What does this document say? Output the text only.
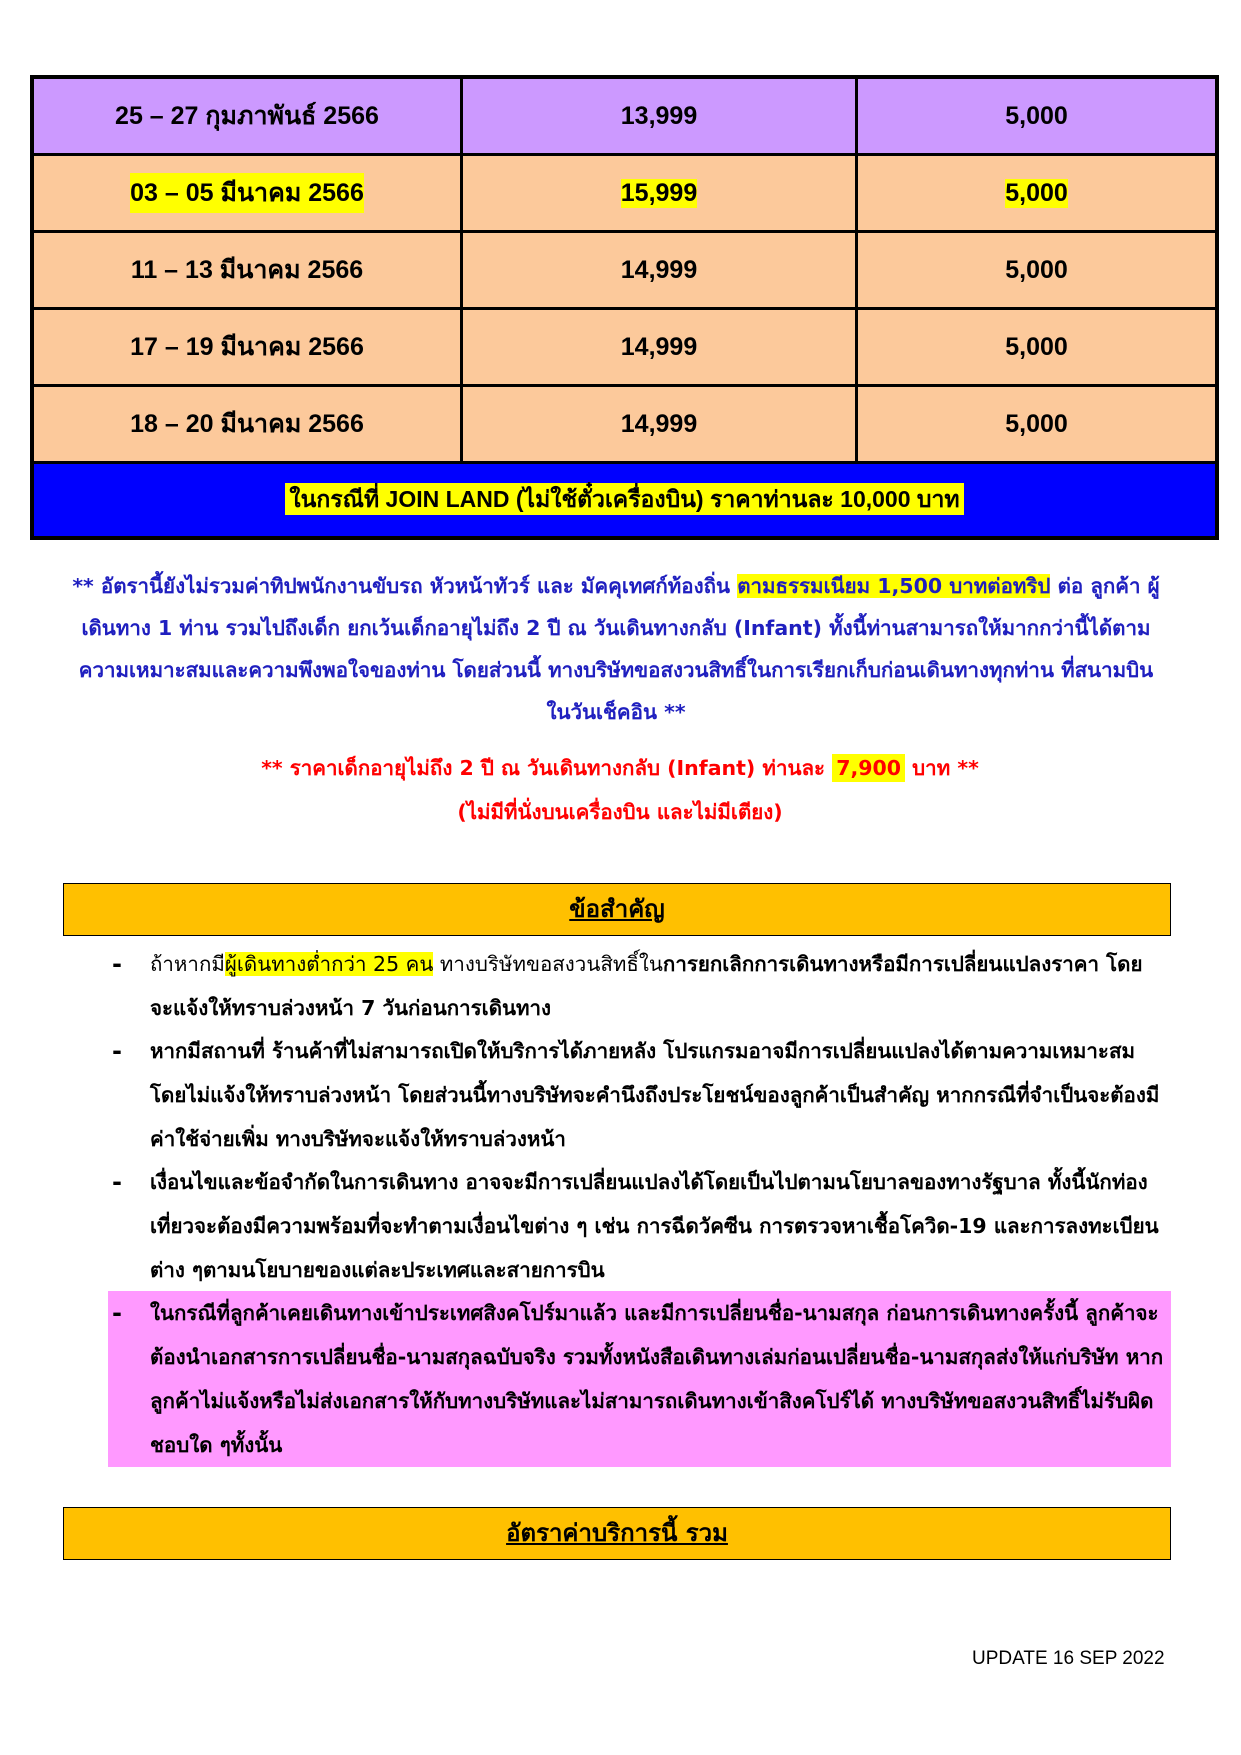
25 – 27 กุมภาพันธ์ 2566	13,999	5,000
03 – 05 มีนาคม 2566	15,999	5,000
11 – 13 มีนาคม 2566	14,999	5,000
17 – 19 มีนาคม 2566	14,999	5,000
18 – 20 มีนาคม 2566	14,999	5,000
ในกรณีที่ JOIN LAND (ไม่ใช้ตั๋วเครื่องบิน) ราคาท่านละ 10,000 บาท		
** อัตรานี้ยังไม่รวมค่าทิปพนักงานขับรถ หัวหน้าทัวร์ และ มัคคุเทศก์ท้องถิ่น ตามธรรมเนียม 1,500 บาทต่อทริป ต่อ ลูกค้า ผู้เดินทาง 1 ท่าน รวมไปถึงเด็ก ยกเว้นเด็กอายุไม่ถึง 2 ปี ณ วันเดินทางกลับ (Infant) ทั้งนี้ท่านสามารถให้มากกว่านี้ได้ตามความเหมาะสมและความพึงพอใจของท่าน โดยส่วนนี้ ทางบริษัทขอสงวนสิทธิ์ในการเรียกเก็บก่อนเดินทางทุกท่าน ที่สนามบิน ในวันเช็คอิน **
** ราคาเด็กอายุไม่ถึง 2 ปี ณ วันเดินทางกลับ (Infant) ท่านละ 7,900 บาท **
(ไม่มีที่นั่งบนเครื่องบิน และไม่มีเตียง)
ข้อสำคัญ
- ถ้าหากมีผู้เดินทางต่ำกว่า 25 คน ทางบริษัทขอสงวนสิทธิ์ในการยกเลิกการเดินทางหรือมีการเปลี่ยนแปลงราคา โดยจะแจ้งให้ทราบล่วงหน้า 7 วันก่อนการเดินทาง
- หากมีสถานที่ ร้านค้าที่ไม่สามารถเปิดให้บริการได้ภายหลัง โปรแกรมอาจมีการเปลี่ยนแปลงได้ตามความเหมาะสม โดยไม่แจ้งให้ทราบล่วงหน้า โดยส่วนนี้ทางบริษัทจะคำนึงถึงประโยชน์ของลูกค้าเป็นสำคัญ หากกรณีที่จำเป็นจะต้องมีค่าใช้จ่ายเพิ่ม ทางบริษัทจะแจ้งให้ทราบล่วงหน้า
- เงื่อนไขและข้อจำกัดในการเดินทาง อาจจะมีการเปลี่ยนแปลงได้โดยเป็นไปตามนโยบาลของทางรัฐบาล ทั้งนี้นักท่องเที่ยวจะต้องมีความพร้อมที่จะทำตามเงื่อนไขต่าง ๆ เช่น การฉีดวัคซีน การตรวจหาเชื้อโควิด-19 และการลงทะเบียนต่าง ๆตามนโยบายของแต่ละประเทศและสายการบิน
- ในกรณีที่ลูกค้าเคยเดินทางเข้าประเทศสิงคโปร์มาแล้ว และมีการเปลี่ยนชื่อ-นามสกุล ก่อนการเดินทางครั้งนี้ ลูกค้าจะต้องนำเอกสารการเปลี่ยนชื่อ-นามสกุลฉบับจริง รวมทั้งหนังสือเดินทางเล่มก่อนเปลี่ยนชื่อ-นามสกุลส่งให้แก่บริษัท หากลูกค้าไม่แจ้งหรือไม่ส่งเอกสารให้กับทางบริษัทและไม่สามารถเดินทางเข้าสิงคโปร์ได้ ทางบริษัทขอสงวนสิทธิ์ไม่รับผิดชอบใด ๆทั้งนั้น
อัตราค่าบริการนี้ รวม
UPDATE 16 SEP 2022
